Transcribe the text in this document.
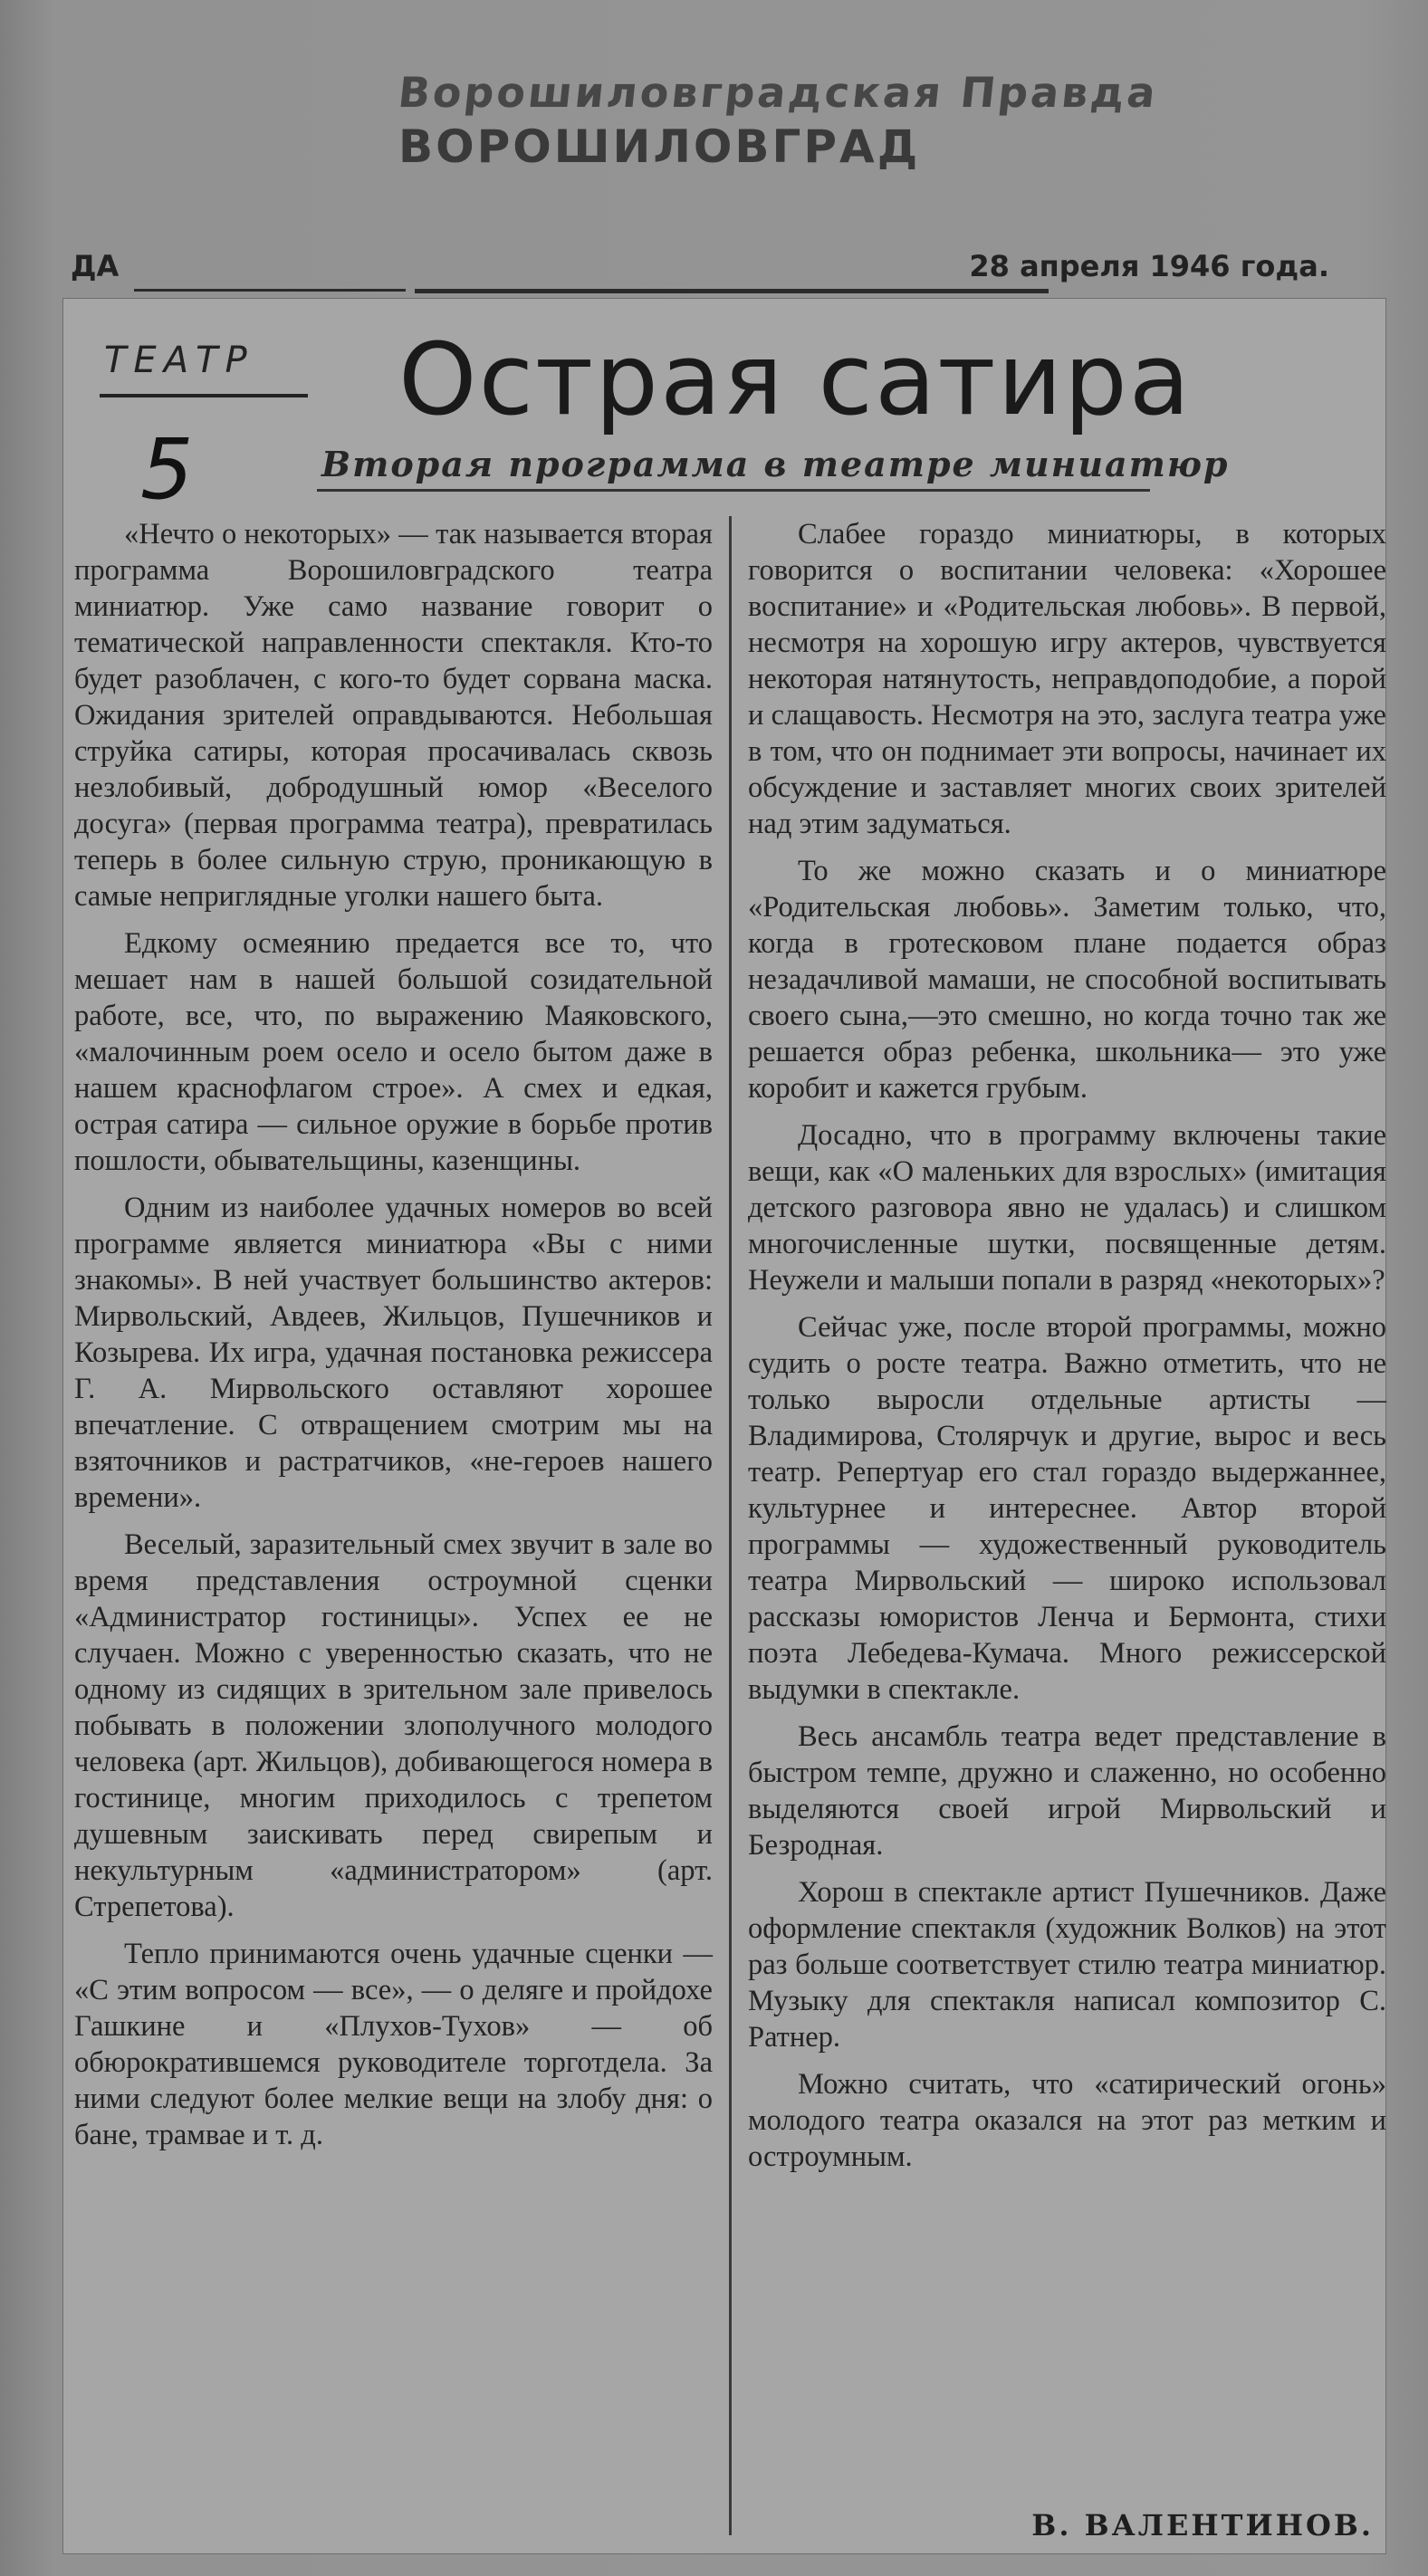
Ворошиловградская Правда
ВОРОШИЛОВГРАД
ДА	28 апреля 1946 года.
ТЕАТР Острая сатира
5	Вторая программа в театре миниатюр

«Нечто о некоторых» — так называется вторая программа Ворошиловградского театра миниатюр. Уже само название говорит о тематической направленности спектакля. Кто-то будет разоблачен, с кого-то будет сорвана маска. Ожидания зрителей оправдываются. Небольшая струйка сатиры, которая просачивалась сквозь незлобивый, добродушный юмор «Веселого досуга» (первая программа театра), превратилась теперь в более сильную струю, проникающую в самые неприглядные уголки нашего быта.

Едкому осмеянию предается все то, что мешает нам в нашей большой созидательной работе, все, что, по выражению Маяковского, «малочинным роем осело и осело бытом даже в нашем краснофлагом строе». А смех и едкая, острая сатира — сильное оружие в борьбе против пошлости, обывательщины, казенщины.

Одним из наиболее удачных номеров во всей программе является миниатюра «Вы с ними знакомы». В ней участвует большинство актеров: Мирвольский, Авдеев, Жильцов, Пушечников и Козырева. Их игра, удачная постановка режиссера Г. А. Мирвольского оставляют хорошее впечатление. С отвращением смотрим мы на взяточников и растратчиков, «не-героев нашего времени».

Веселый, заразительный смех звучит в зале во время представления остроумной сценки «Администратор гостиницы». Успех ее не случаен. Можно с уверенностью сказать, что не одному из сидящих в зрительном зале привелось побывать в положении злополучного молодого человека (арт. Жильцов), добивающегося номера в гостинице, многим приходилось с трепетом душевным заискивать перед свирепым и некультурным «администратором» (арт. Стрепетова).

Тепло принимаются очень удачные сценки — «С этим вопросом — все», — о деляге и пройдохе Гашкине и «Плухов-Тухов» — об обюрократившемся руководителе торготдела. За ними следуют более мелкие вещи на злобу дня: о бане, трамвае и т. д.

Слабее гораздо миниатюры, в которых говорится о воспитании человека: «Хорошее воспитание» и «Родительская любовь». В первой, несмотря на хорошую игру актеров, чувствуется некоторая натянутость, неправдоподобие, а порой и слащавость. Несмотря на это, заслуга театра уже в том, что он поднимает эти вопросы, начинает их обсуждение и заставляет многих своих зрителей над этим задуматься.

То же можно сказать и о миниатюре «Родительская любовь». Заметим только, что, когда в гротесковом плане подается образ незадачливой мамаши, не способной воспитывать своего сына,—это смешно, но когда точно так же решается образ ребенка, школьника— это уже коробит и кажется грубым.

Досадно, что в программу включены такие вещи, как «О маленьких для взрослых» (имитация детского разговора явно не удалась) и слишком многочисленные шутки, посвященные детям. Неужели и малыши попали в разряд «некоторых»?

Сейчас уже, после второй программы, можно судить о росте театра. Важно отметить, что не только выросли отдельные артисты — Владимирова, Столярчук и другие, вырос и весь театр. Репертуар его стал гораздо выдержаннее, культурнее и интереснее. Автор второй программы — художественный руководитель театра Мирвольский — широко использовал рассказы юмористов Ленча и Бермонта, стихи поэта Лебедева-Кумача. Много режиссерской выдумки в спектакле.

Весь ансамбль театра ведет представление в быстром темпе, дружно и слаженно, но особенно выделяются своей игрой Мирвольский и Безродная.

Хорош в спектакле артист Пушечников. Даже оформление спектакля (художник Волков) на этот раз больше соответствует стилю театра миниатюр. Музыку для спектакля написал композитор С. Ратнер.

Можно считать, что «сатирический огонь» молодого театра оказался на этот раз метким и остроумным.

В. ВАЛЕНТИНОВ.
